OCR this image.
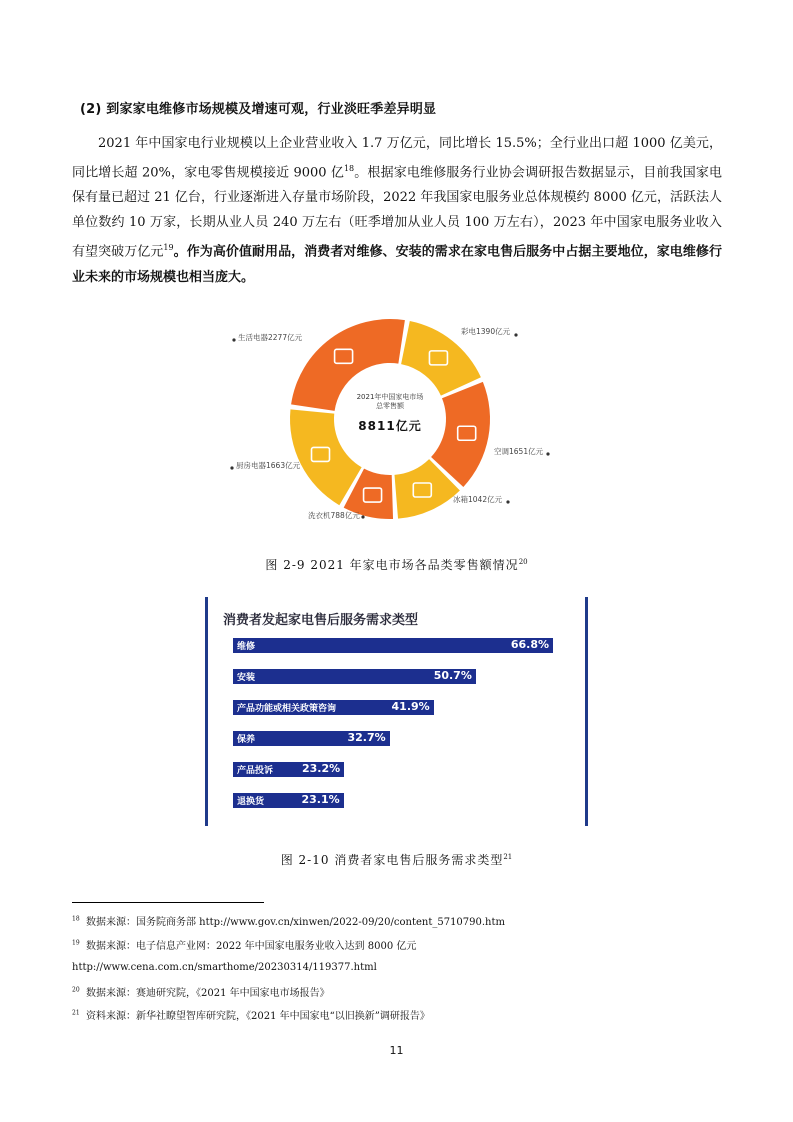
(2) 到家家电维修市场规模及增速可观，行业淡旺季差异明显

2021 年中国家电行业规模以上企业营业收入 1.7 万亿元，同比增长 15.5%；全行业出口超 1000 亿美元，同比增长超 20%，家电零售规模接近 9000 亿$^{18}$。根据家电维修服务行业协会调研报告数据显示，目前我国家电保有量已超过 21 亿台，行业逐渐进入存量市场阶段，2022 年我国家电服务业总体规模约 8000 亿元，活跃法人单位数约 10 万家，长期从业人员 240 万左右（旺季增加从业人员 100 万左右），2023 年中国家电服务业收入有望突破万亿元$^{19}$。作为高价值耐用品，消费者对维修、安装的需求在家电售后服务中占据主要地位，家电维修行业未来的市场规模也相当庞大。

2021年中国家电市场
总零售额
8811亿元
彩电1390亿元
空调1651亿元
冰箱1042亿元
洗衣机788亿元
厨房电器1663亿元
生活电器2277亿元
图 2-9 2021 年家电市场各品类零售额情况$^{20}$
消费者发起家电售后服务需求类型
维修	66.8%
安装	50.7%
产品功能或相关政策咨询	41.9%
保养	32.7%
产品投诉	23.2%
退换货	23.1%
图 2-10 消费者家电售后服务需求类型$^{21}$
$^{18}$ 数据来源：国务院商务部 http://www.gov.cn/xinwen/2022-09/20/content_5710790.htm
$^{19}$ 数据来源：电子信息产业网：2022 年中国家电服务业收入达到 8000 亿元
http://www.cena.com.cn/smarthome/20230314/119377.html
$^{20}$ 数据来源：赛迪研究院，《2021 年中国家电市场报告》
$^{21}$ 资料来源：新华社瞭望智库研究院，《2021 年中国家电“以旧换新”调研报告》
11
